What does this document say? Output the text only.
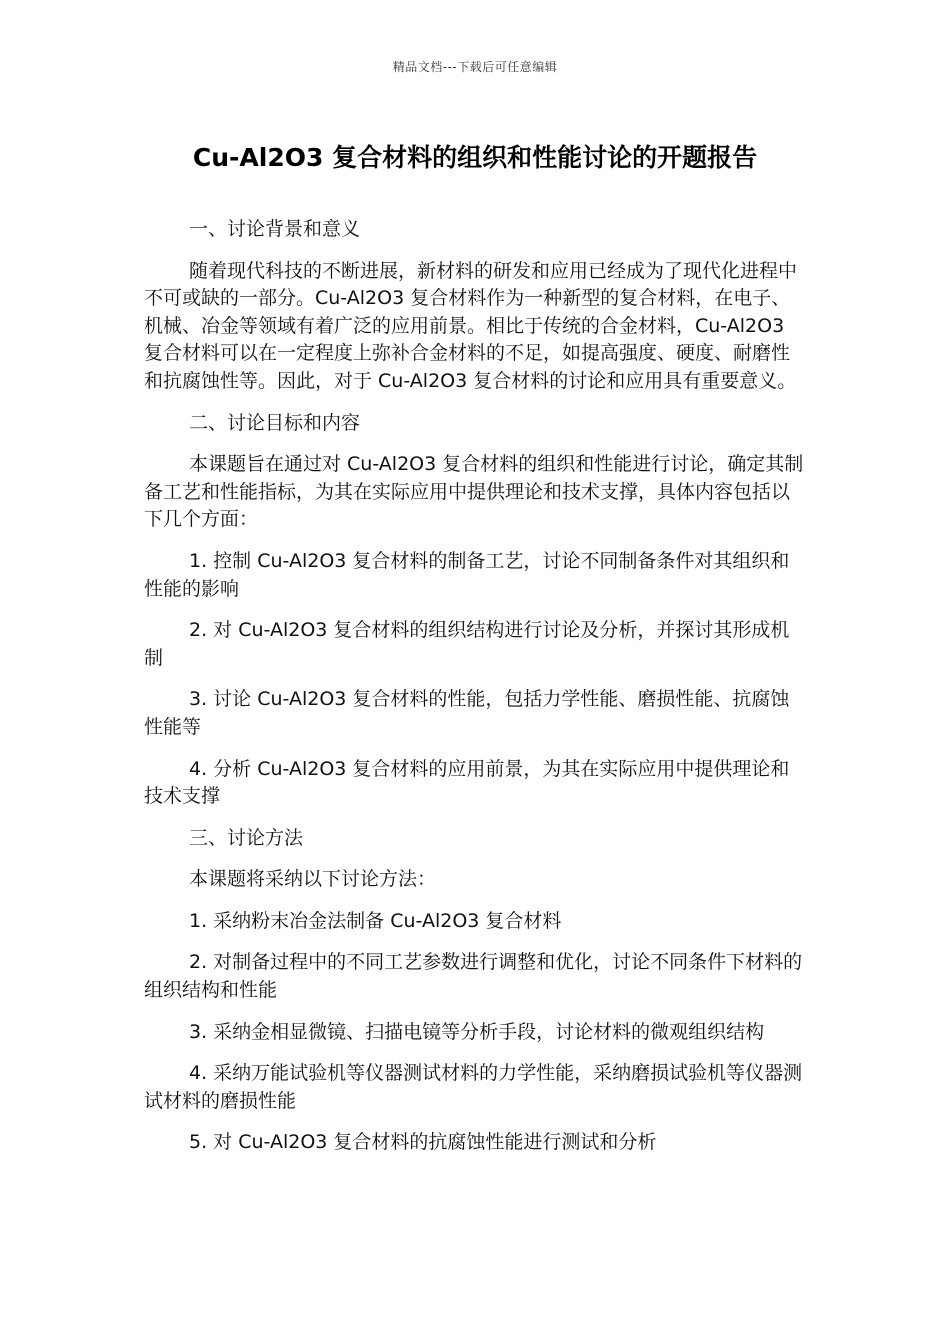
精品文档---下载后可任意编辑
Cu-Al2O3 复合材料的组织和性能讨论的开题报告

一、讨论背景和意义

随着现代科技的不断进展，新材料的研发和应用已经成为了现代化进程中不可或缺的一部分。Cu-Al2O3 复合材料作为一种新型的复合材料，在电子、机械、冶金等领域有着广泛的应用前景。相比于传统的合金材料，Cu-Al2O3 复合材料可以在一定程度上弥补合金材料的不足，如提高强度、硬度、耐磨性和抗腐蚀性等。因此，对于 Cu-Al2O3 复合材料的讨论和应用具有重要意义。

二、讨论目标和内容

本课题旨在通过对 Cu-Al2O3 复合材料的组织和性能进行讨论，确定其制备工艺和性能指标，为其在实际应用中提供理论和技术支撑，具体内容包括以下几个方面：

1. 控制 Cu-Al2O3 复合材料的制备工艺，讨论不同制备条件对其组织和性能的影响

2. 对 Cu-Al2O3 复合材料的组织结构进行讨论及分析，并探讨其形成机制

3. 讨论 Cu-Al2O3 复合材料的性能，包括力学性能、磨损性能、抗腐蚀性能等

4. 分析 Cu-Al2O3 复合材料的应用前景，为其在实际应用中提供理论和技术支撑

三、讨论方法

本课题将采纳以下讨论方法：

1. 采纳粉末冶金法制备 Cu-Al2O3 复合材料

2. 对制备过程中的不同工艺参数进行调整和优化，讨论不同条件下材料的组织结构和性能

3. 采纳金相显微镜、扫描电镜等分析手段，讨论材料的微观组织结构

4. 采纳万能试验机等仪器测试材料的力学性能，采纳磨损试验机等仪器测试材料的磨损性能

5. 对 Cu-Al2O3 复合材料的抗腐蚀性能进行测试和分析
